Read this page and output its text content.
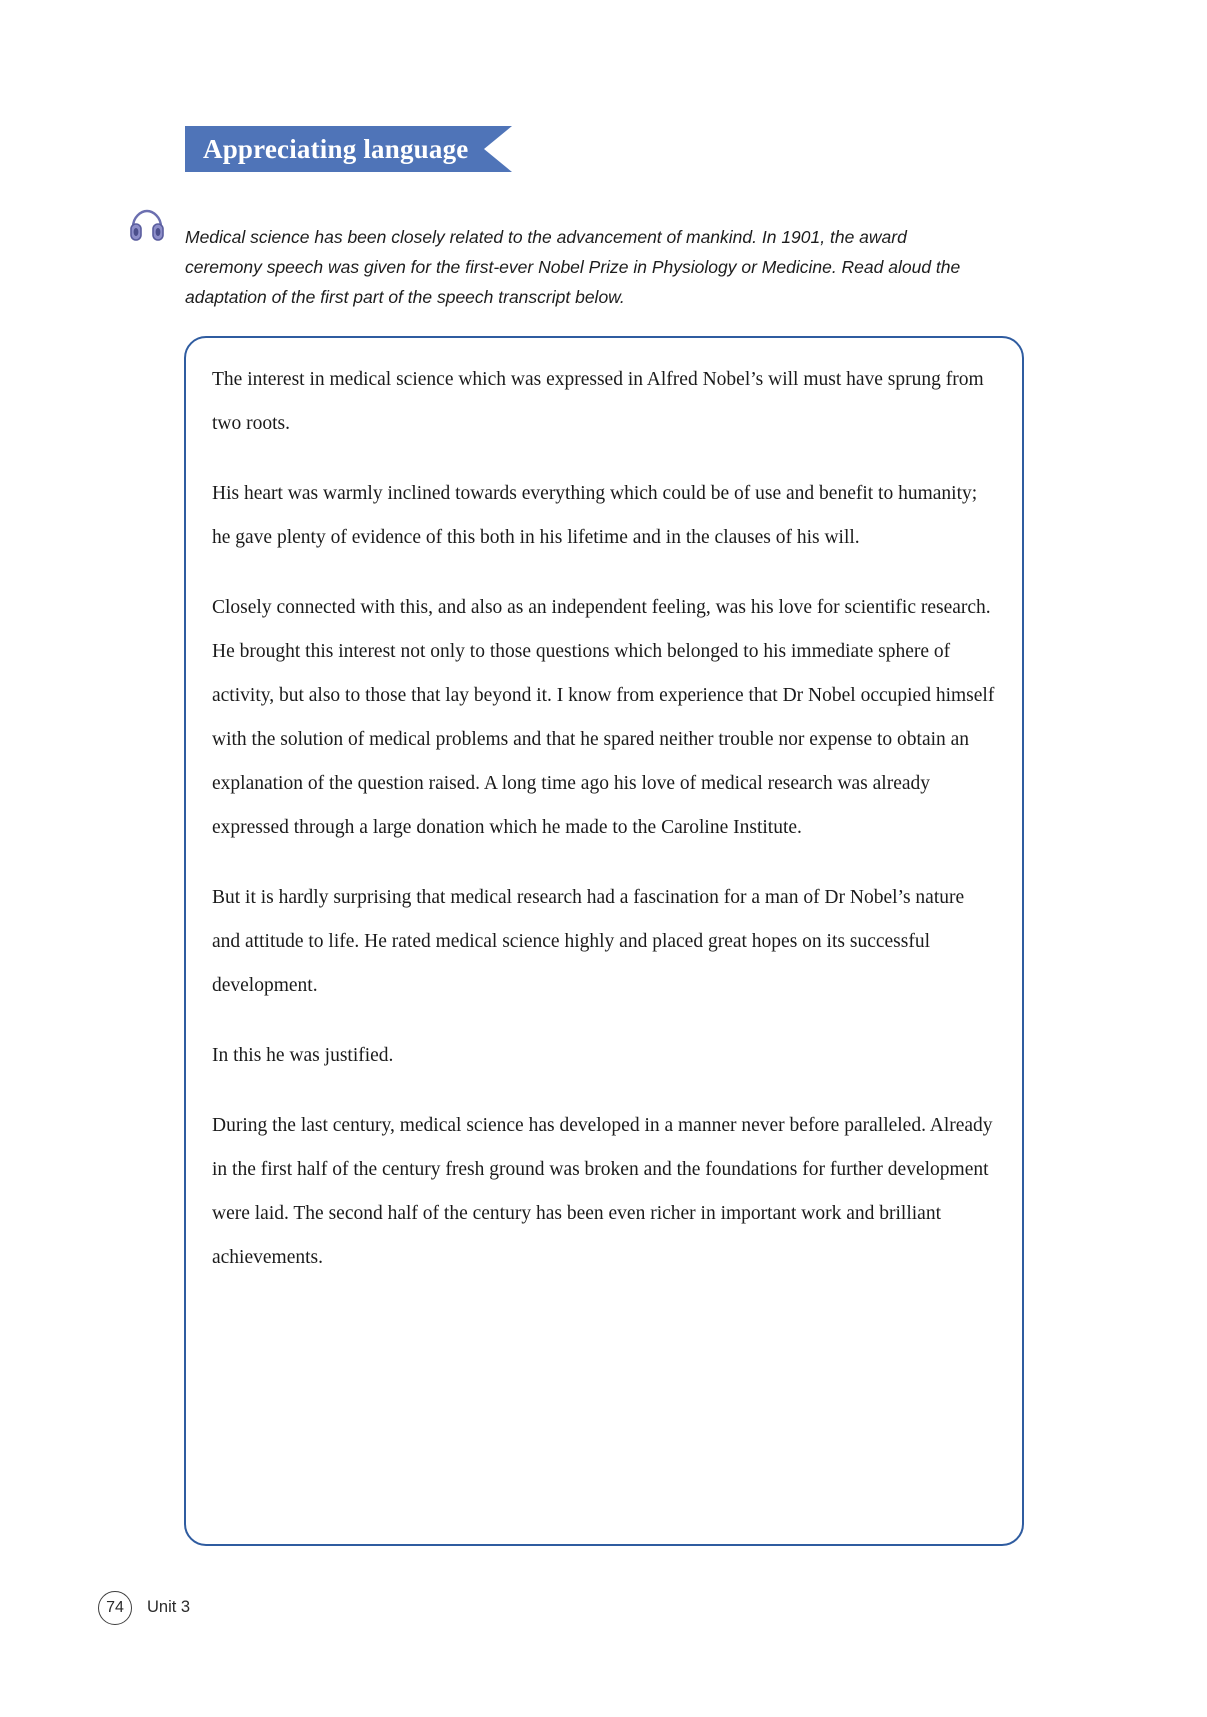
Appreciating language
Medical science has been closely related to the advancement of mankind. In 1901, the award ceremony speech was given for the first-ever Nobel Prize in Physiology or Medicine. Read aloud the adaptation of the first part of the speech transcript below.

The interest in medical science which was expressed in Alfred Nobel’s will must have sprung from two roots.

His heart was warmly inclined towards everything which could be of use and benefit to humanity; he gave plenty of evidence of this both in his lifetime and in the clauses of his will.

Closely connected with this, and also as an independent feeling, was his love for scientific research. He brought this interest not only to those questions which belonged to his immediate sphere of activity, but also to those that lay beyond it. I know from experience that Dr Nobel occupied himself with the solution of medical problems and that he spared neither trouble nor expense to obtain an explanation of the question raised. A long time ago his love of medical research was already expressed through a large donation which he made to the Caroline Institute.

But it is hardly surprising that medical research had a fascination for a man of Dr Nobel’s nature and attitude to life. He rated medical science highly and placed great hopes on its successful development.

In this he was justified.

During the last century, medical science has developed in a manner never before paralleled. Already in the first half of the century fresh ground was broken and the foundations for further development were laid. The second half of the century has been even richer in important work and brilliant achievements.

74	Unit 3
